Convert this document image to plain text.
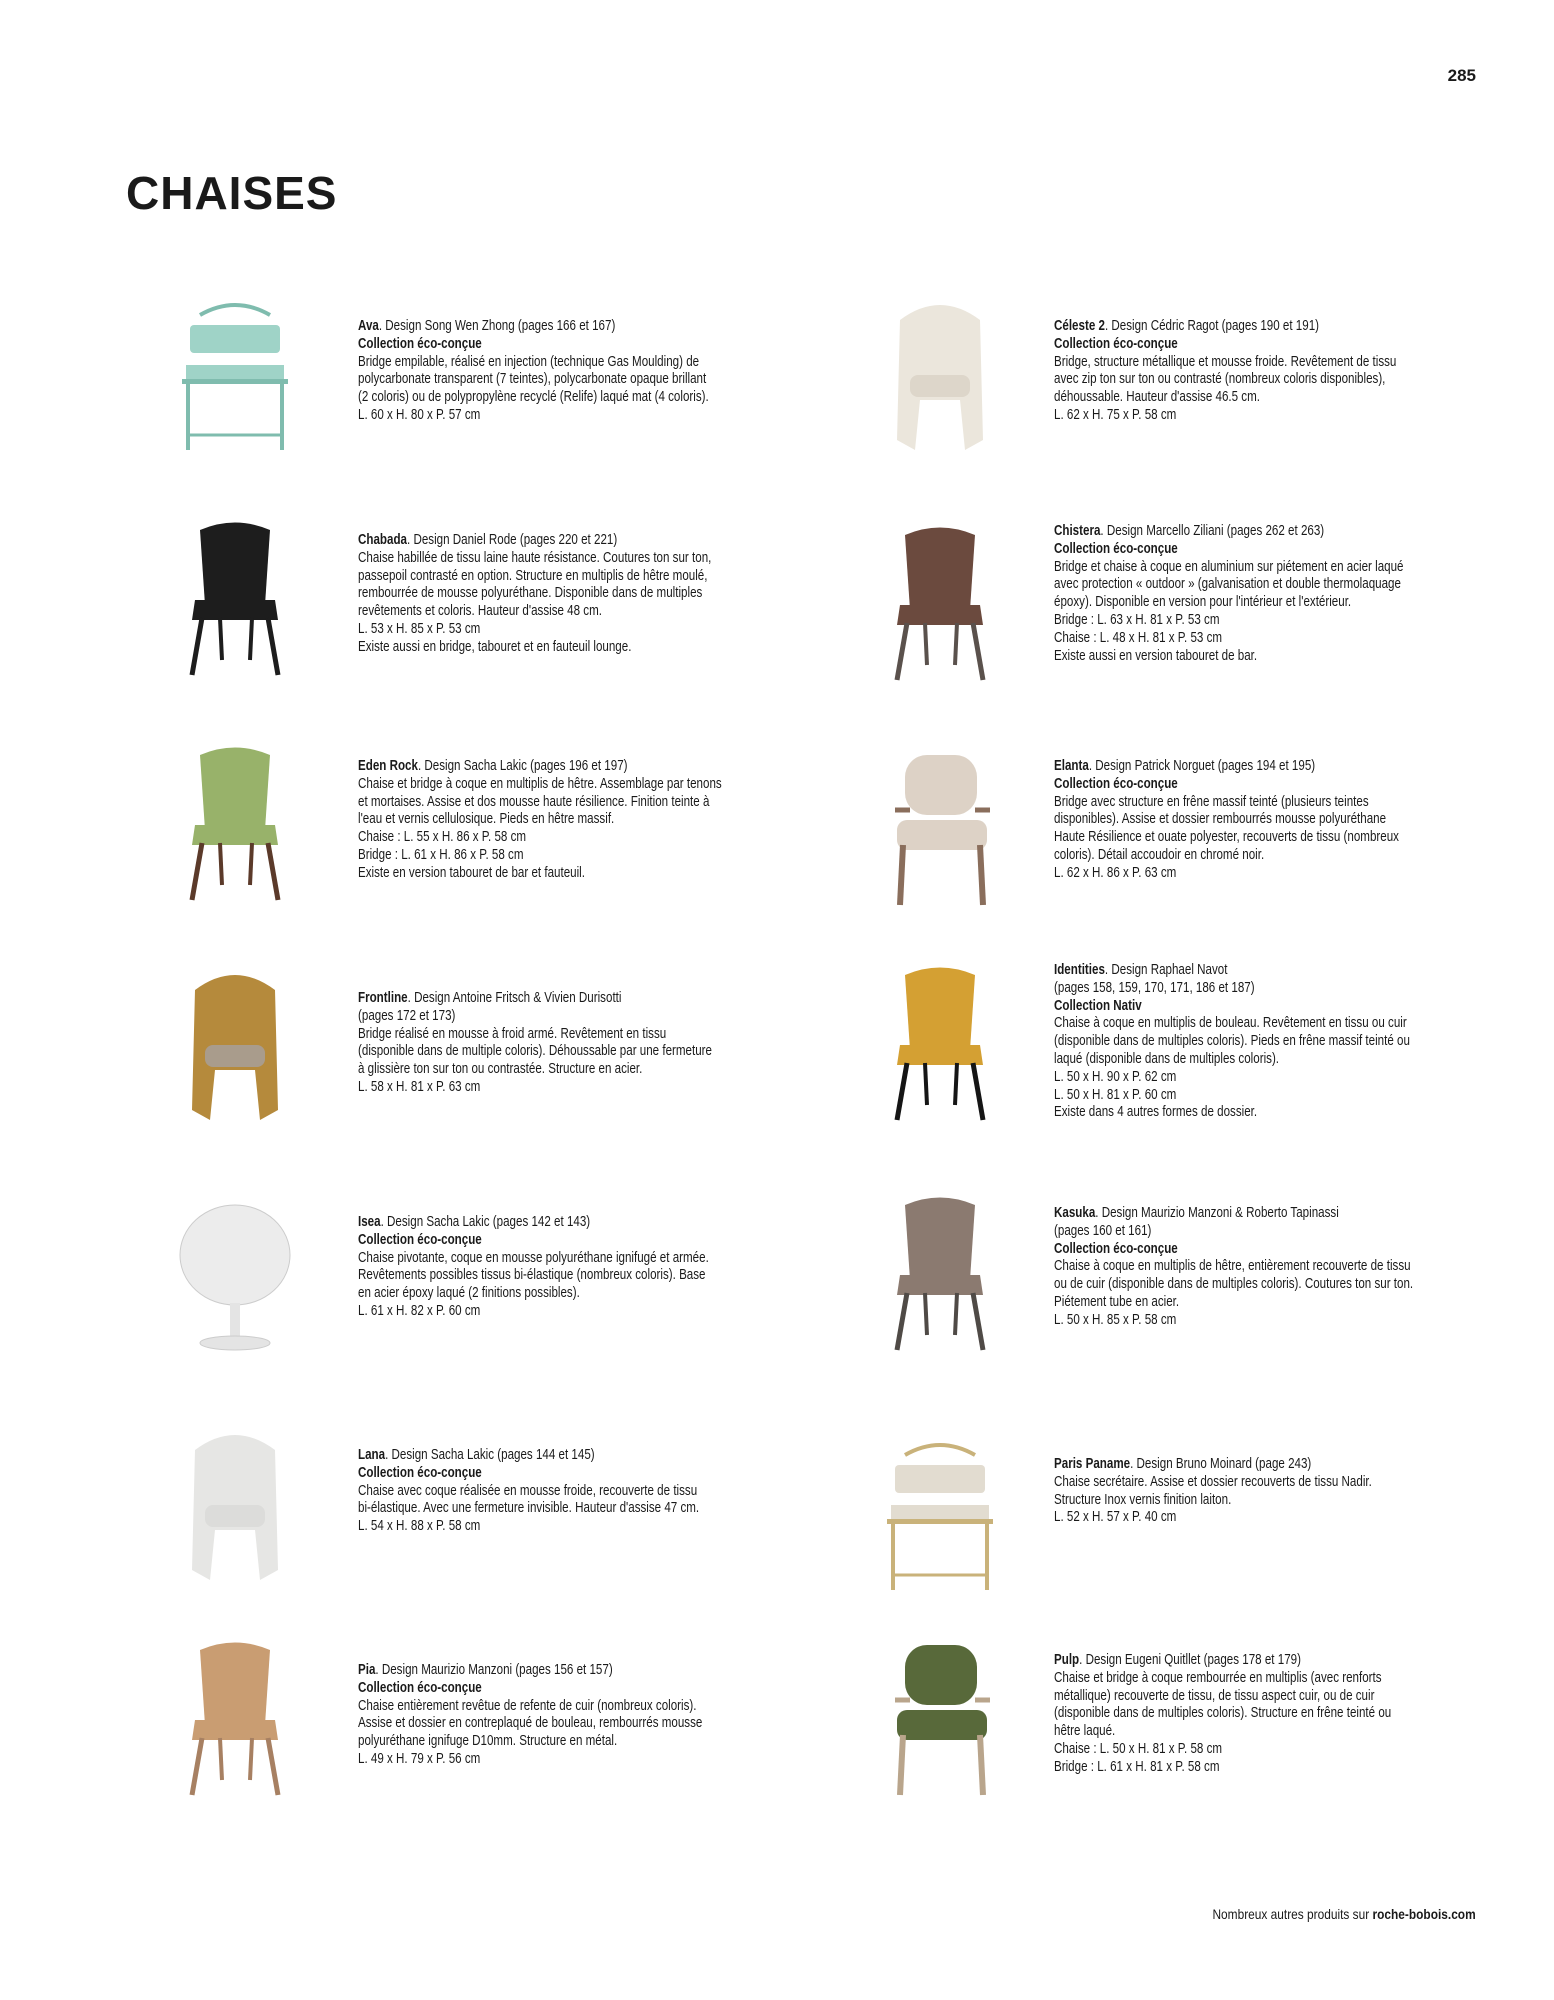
285
CHAISES
Ava. Design Song Wen Zhong (pages 166 et 167)
Collection éco-conçue
Bridge empilable, réalisé en injection (technique Gas Moulding) de
polycarbonate transparent (7 teintes), polycarbonate opaque brillant
(2 coloris) ou de polypropylène recyclé (Relife) laqué mat (4 coloris).
L. 60 x H. 80 x P. 57 cm
Céleste 2. Design Cédric Ragot (pages 190 et 191)
Collection éco-conçue
Bridge, structure métallique et mousse froide. Revêtement de tissu
avec zip ton sur ton ou contrasté (nombreux coloris disponibles),
déhoussable. Hauteur d'assise 46.5 cm.
L. 62 x H. 75 x P. 58 cm
Chabada. Design Daniel Rode (pages 220 et 221)
Chaise habillée de tissu laine haute résistance. Coutures ton sur ton,
passepoil contrasté en option. Structure en multiplis de hêtre moulé,
rembourrée de mousse polyuréthane. Disponible dans de multiples
revêtements et coloris. Hauteur d'assise 48 cm.
L. 53 x H. 85 x P. 53 cm
Existe aussi en bridge, tabouret et en fauteuil lounge.
Chistera. Design Marcello Ziliani (pages 262 et 263)
Collection éco-conçue
Bridge et chaise à coque en aluminium sur piétement en acier laqué
avec protection « outdoor » (galvanisation et double thermolaquage
époxy). Disponible en version pour l'intérieur et l'extérieur.
Bridge : L. 63 x H. 81 x P. 53 cm
Chaise : L. 48 x H. 81 x P. 53 cm
Existe aussi en version tabouret de bar.
Eden Rock. Design Sacha Lakic (pages 196 et 197)
Chaise et bridge à coque en multiplis de hêtre. Assemblage par tenons
et mortaises. Assise et dos mousse haute résilience. Finition teinte à
l'eau et vernis cellulosique. Pieds en hêtre massif.
Chaise : L. 55 x H. 86 x P. 58 cm
Bridge : L. 61 x H. 86 x P. 58 cm
Existe en version tabouret de bar et fauteuil.
Elanta. Design Patrick Norguet (pages 194 et 195)
Collection éco-conçue
Bridge avec structure en frêne massif teinté (plusieurs teintes
disponibles). Assise et dossier rembourrés mousse polyuréthane
Haute Résilience et ouate polyester, recouverts de tissu (nombreux
coloris). Détail accoudoir en chromé noir.
L. 62 x H. 86 x P. 63 cm
Frontline. Design Antoine Fritsch & Vivien Durisotti
(pages 172 et 173)
Bridge réalisé en mousse à froid armé. Revêtement en tissu
(disponible dans de multiple coloris). Déhoussable par une fermeture
à glissière ton sur ton ou contrastée. Structure en acier.
L. 58 x H. 81 x P. 63 cm
Identities. Design Raphael Navot
(pages 158, 159, 170, 171, 186 et 187)
Collection Nativ
Chaise à coque en multiplis de bouleau. Revêtement en tissu ou cuir
(disponible dans de multiples coloris). Pieds en frêne massif teinté ou
laqué (disponible dans de multiples coloris).
L. 50 x H. 90 x P. 62 cm
L. 50 x H. 81 x P. 60 cm
Existe dans 4 autres formes de dossier.
Isea. Design Sacha Lakic (pages 142 et 143)
Collection éco-conçue
Chaise pivotante, coque en mousse polyuréthane ignifugé et armée.
Revêtements possibles tissus bi-élastique (nombreux coloris). Base
en acier époxy laqué (2 finitions possibles).
L. 61 x H. 82 x P. 60 cm
Kasuka. Design Maurizio Manzoni & Roberto Tapinassi
(pages 160 et 161)
Collection éco-conçue
Chaise à coque en multiplis de hêtre, entièrement recouverte de tissu
ou de cuir (disponible dans de multiples coloris). Coutures ton sur ton.
Piétement tube en acier.
L. 50 x H. 85 x P. 58 cm
Lana. Design Sacha Lakic (pages 144 et 145)
Collection éco-conçue
Chaise avec coque réalisée en mousse froide, recouverte de tissu
bi-élastique. Avec une fermeture invisible. Hauteur d'assise 47 cm.
L. 54 x H. 88 x P. 58 cm
Paris Paname. Design Bruno Moinard (page 243)
Chaise secrétaire. Assise et dossier recouverts de tissu Nadir.
Structure Inox vernis finition laiton.
L. 52 x H. 57 x P. 40 cm
Pia. Design Maurizio Manzoni (pages 156 et 157)
Collection éco-conçue
Chaise entièrement revêtue de refente de cuir (nombreux coloris).
Assise et dossier en contreplaqué de bouleau, rembourrés mousse
polyuréthane ignifuge D10mm. Structure en métal.
L. 49 x H. 79 x P. 56 cm
Pulp. Design Eugeni Quitllet (pages 178 et 179)
Chaise et bridge à coque rembourrée en multiplis (avec renforts
métallique) recouverte de tissu, de tissu aspect cuir, ou de cuir
(disponible dans de multiples coloris). Structure en frêne teinté ou
hêtre laqué.
Chaise : L. 50 x H. 81 x P. 58 cm
Bridge : L. 61 x H. 81 x P. 58 cm
Nombreux autres produits sur roche-bobois.com
